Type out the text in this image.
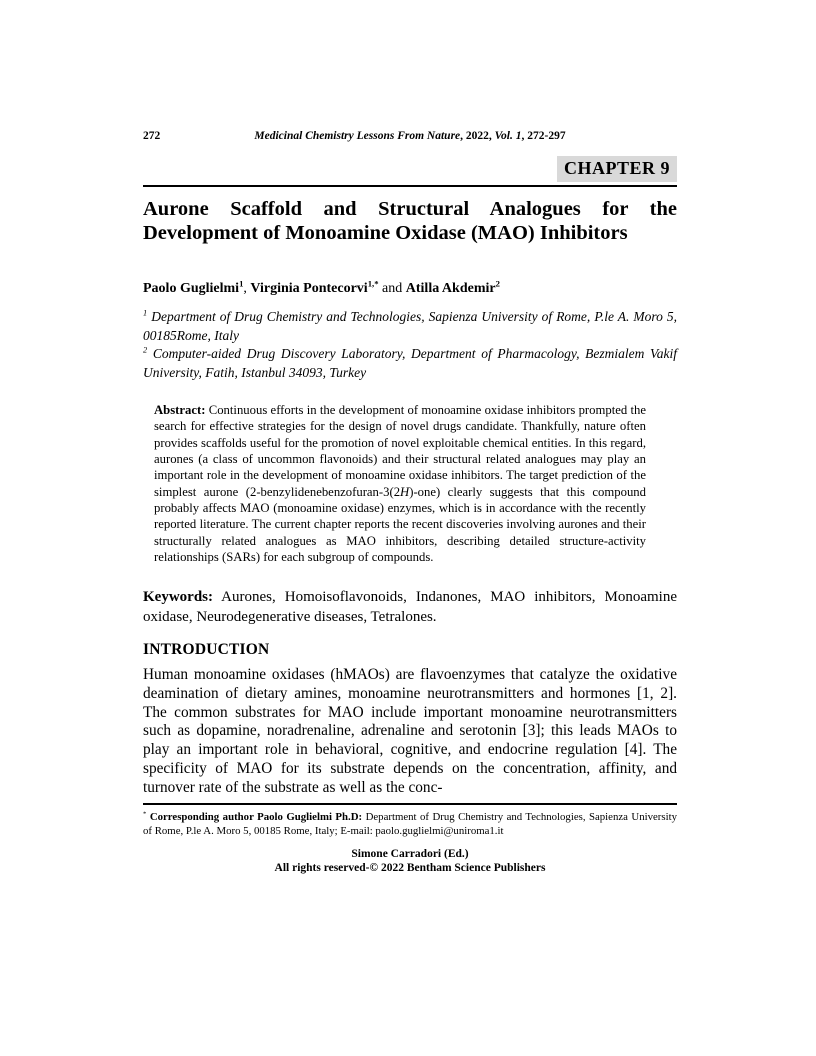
272	Medicinal Chemistry Lessons From Nature, 2022, Vol. 1, 272-297
CHAPTER 9
Aurone Scaffold and Structural Analogues for the Development of Monoamine Oxidase (MAO) Inhibitors
Paolo Guglielmi$^1$, Virginia Pontecorvi$^{1,*}$ and Atilla Akdemir$^2$
$^1$ Department of Drug Chemistry and Technologies, Sapienza University of Rome, P.le A. Moro 5, 00185Rome, Italy
$^2$ Computer-aided Drug Discovery Laboratory, Department of Pharmacology, Bezmialem Vakif University, Fatih, Istanbul 34093, Turkey
Abstract: Continuous efforts in the development of monoamine oxidase inhibitors prompted the search for effective strategies for the design of novel drugs candidate. Thankfully, nature often provides scaffolds useful for the promotion of novel exploitable chemical entities. In this regard, aurones (a class of uncommon flavonoids) and their structural related analogues may play an important role in the development of monoamine oxidase inhibitors. The target prediction of the simplest aurone (2-benzylidenebenzofuran-3(2H)-one) clearly suggests that this compound probably affects MAO (monoamine oxidase) enzymes, which is in accordance with the recently reported literature. The current chapter reports the recent discoveries involving aurones and their structurally related analogues as MAO inhibitors, describing detailed structure-activity relationships (SARs) for each subgroup of compounds.
Keywords: Aurones, Homoisoflavonoids, Indanones, MAO inhibitors, Monoamine oxidase, Neurodegenerative diseases, Tetralones.
INTRODUCTION
Human monoamine oxidases (hMAOs) are flavoenzymes that catalyze the oxidative deamination of dietary amines, monoamine neurotransmitters and hormones [1, 2]. The common substrates for MAO include important monoamine neurotransmitters such as dopamine, noradrenaline, adrenaline and serotonin [3]; this leads MAOs to play an important role in behavioral, cognitive, and endocrine regulation [4]. The specificity of MAO for its substrate depends on the concentration, affinity, and turnover rate of the substrate as well as the conc-
* Corresponding author Paolo Guglielmi Ph.D: Department of Drug Chemistry and Technologies, Sapienza University of Rome, P.le A. Moro 5, 00185 Rome, Italy; E-mail: paolo.guglielmi@uniroma1.it
Simone Carradori (Ed.)
All rights reserved-© 2022 Bentham Science Publishers
